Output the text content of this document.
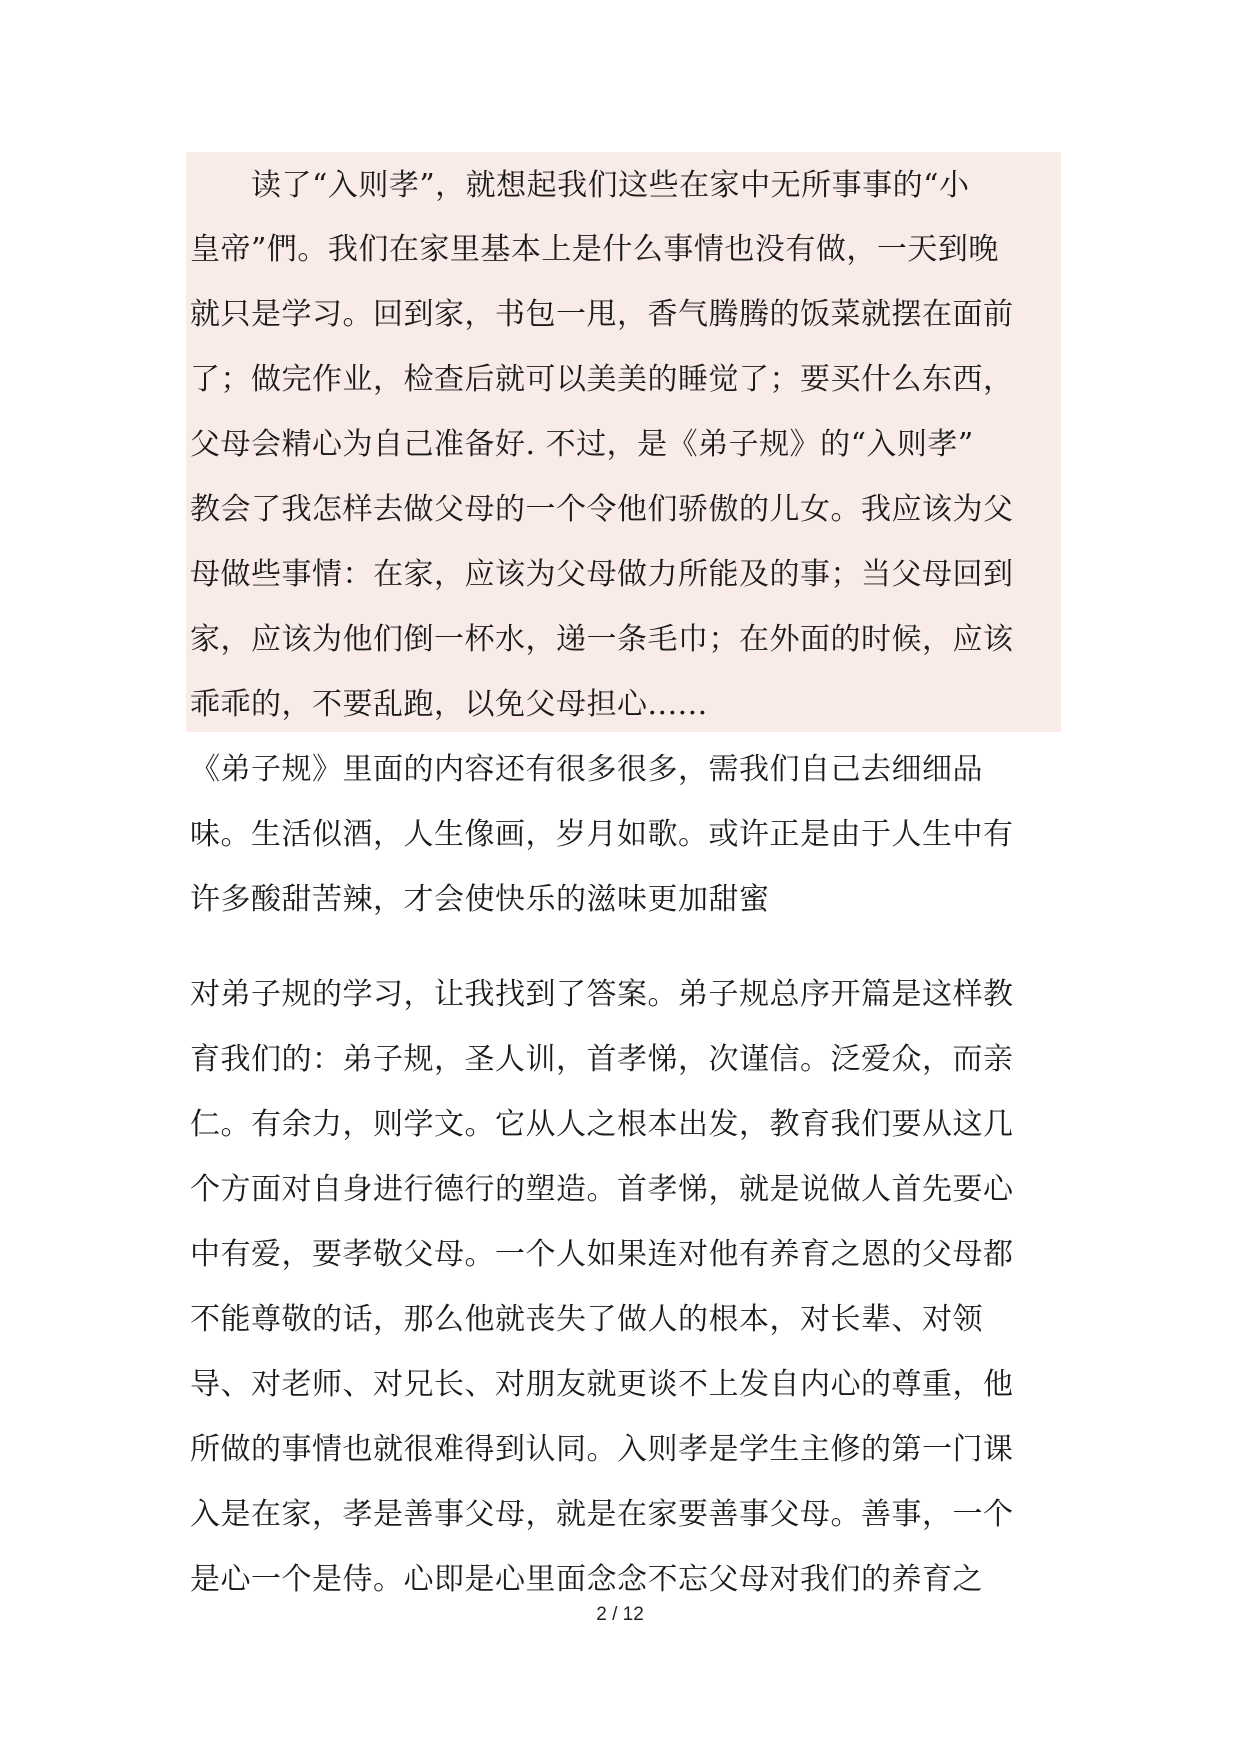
　　读了“入则孝”，就想起我们这些在家中无所事事的“小
皇帝”們。我们在家里基本上是什么事情也没有做，一天到晚
就只是学习。回到家，书包一甩，香气腾腾的饭菜就摆在面前
了；做完作业，检查后就可以美美的睡觉了；要买什么东西，
父母会精心为自己准备好. 不过，是《弟子规》的“入则孝”
教会了我怎样去做父母的一个令他们骄傲的儿女。我应该为父
母做些事情：在家，应该为父母做力所能及的事；当父母回到
家，应该为他们倒一杯水，递一条毛巾；在外面的时候，应该
乖乖的，不要乱跑，以免父母担心......
《弟子规》里面的内容还有很多很多，需我们自己去细细品
味。生活似酒，人生像画，岁月如歌。或许正是由于人生中有
许多酸甜苦辣，才会使快乐的滋味更加甜蜜
对弟子规的学习，让我找到了答案。弟子规总序开篇是这样教
育我们的：弟子规，圣人训，首孝悌，次谨信。泛爱众，而亲
仁。有余力，则学文。它从人之根本出发，教育我们要从这几
个方面对自身进行德行的塑造。首孝悌，就是说做人首先要心
中有爱，要孝敬父母。一个人如果连对他有养育之恩的父母都
不能尊敬的话，那么他就丧失了做人的根本，对长辈、对领
导、对老师、对兄长、对朋友就更谈不上发自内心的尊重，他
所做的事情也就很难得到认同。入则孝是学生主修的第一门课
入是在家，孝是善事父母，就是在家要善事父母。善事，一个
是心一个是侍。心即是心里面念念不忘父母对我们的养育之
2 / 12
